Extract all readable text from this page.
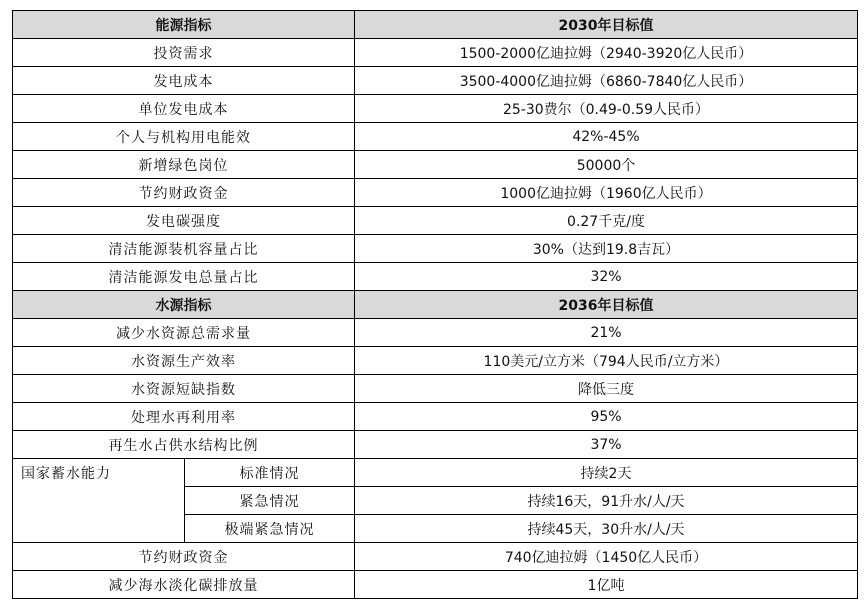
能源指标		2030年目标值
投资需求		1500-2000亿迪拉姆（2940-3920亿人民币）
发电成本		3500-4000亿迪拉姆（6860-7840亿人民币）
单位发电成本		25-30费尔（0.49-0.59人民币）
个人与机构用电能效		42%-45%
新增绿色岗位		50000个
节约财政资金		1000亿迪拉姆（1960亿人民币）
发电碳强度		0.27千克/度
清洁能源装机容量占比		30%（达到19.8吉瓦）
清洁能源发电总量占比		32%
水源指标		2036年目标值
减少水资源总需求量		21%
水资源生产效率		110美元/立方米（794人民币/立方米）
水资源短缺指数		降低三度
处理水再利用率		95%
再生水占供水结构比例		37%
国家蓄水能力	标准情况	持续2天
	紧急情况	持续16天，91升水/人/天
	极端紧急情况	持续45天，30升水/人/天
节约财政资金		740亿迪拉姆（1450亿人民币）
减少海水淡化碳排放量		1亿吨
